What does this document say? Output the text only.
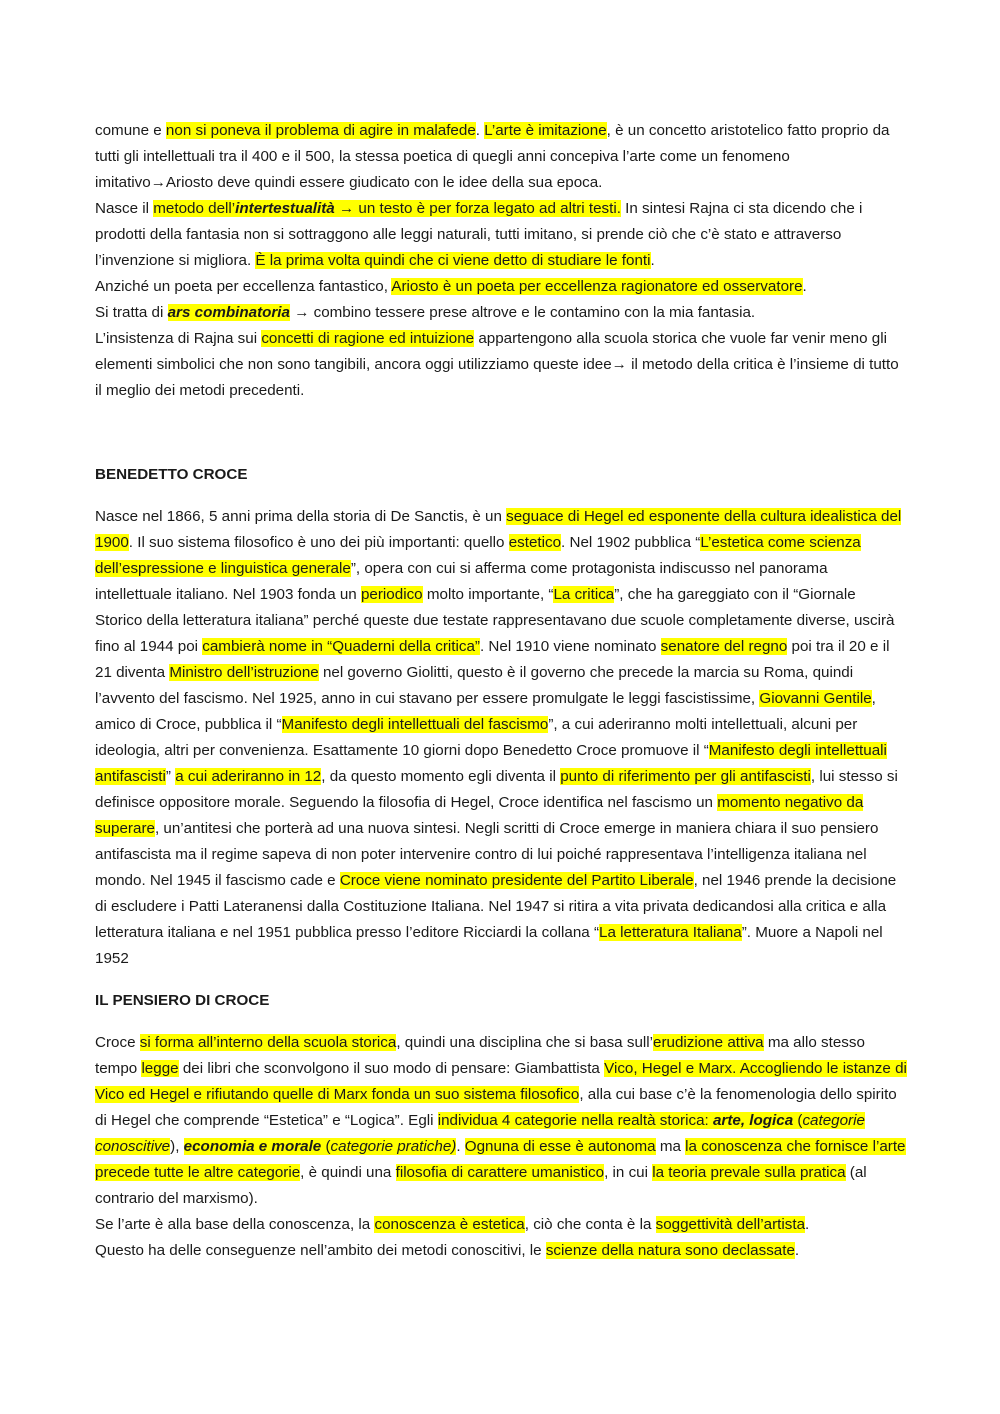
comune e non si poneva il problema di agire in malafede. L’arte è imitazione, è un concetto aristotelico fatto proprio da tutti gli intellettuali tra il 400 e il 500, la stessa poetica di quegli anni concepiva l’arte come un fenomeno imitativo→Ariosto deve quindi essere giudicato con le idee della sua epoca.
Nasce il metodo dell’intertestualità → un testo è per forza legato ad altri testi. In sintesi Rajna ci sta dicendo che i prodotti della fantasia non si sottraggono alle leggi naturali, tutti imitano, si prende ciò che c’è stato e attraverso l’invenzione si migliora. È la prima volta quindi che ci viene detto di studiare le fonti.
Anziché un poeta per eccellenza fantastico, Ariosto è un poeta per eccellenza ragionatore ed osservatore.
Si tratta di ars combinatoria → combino tessere prese altrove e le contamino con la mia fantasia.
L’insistenza di Rajna sui concetti di ragione ed intuizione appartengono alla scuola storica che vuole far venir meno gli elementi simbolici che non sono tangibili, ancora oggi utilizziamo queste idee→ il metodo della critica è l’insieme di tutto il meglio dei metodi precedenti.

BENEDETTO CROCE

Nasce nel 1866, 5 anni prima della storia di De Sanctis, è un seguace di Hegel ed esponente della cultura idealistica del 1900. Il suo sistema filosofico è uno dei più importanti: quello estetico. Nel 1902 pubblica “L’estetica come scienza dell’espressione e linguistica generale”, opera con cui si afferma come protagonista indiscusso nel panorama intellettuale italiano. Nel 1903 fonda un periodico molto importante, “La critica”, che ha gareggiato con il “Giornale Storico della letteratura italiana” perché queste due testate rappresentavano due scuole completamente diverse, uscirà fino al 1944 poi cambierà nome in “Quaderni della critica”. Nel 1910 viene nominato senatore del regno poi tra il 20 e il 21 diventa Ministro dell’istruzione nel governo Giolitti, questo è il governo che precede la marcia su Roma, quindi l’avvento del fascismo. Nel 1925, anno in cui stavano per essere promulgate le leggi fascistissime, Giovanni Gentile, amico di Croce, pubblica il “Manifesto degli intellettuali del fascismo”, a cui aderiranno molti intellettuali, alcuni per ideologia, altri per convenienza. Esattamente 10 giorni dopo Benedetto Croce promuove il “Manifesto degli intellettuali antifascisti” a cui aderiranno in 12, da questo momento egli diventa il punto di riferimento per gli antifascisti, lui stesso si definisce oppositore morale. Seguendo la filosofia di Hegel, Croce identifica nel fascismo un momento negativo da superare, un’antitesi che porterà ad una nuova sintesi. Negli scritti di Croce emerge in maniera chiara il suo pensiero antifascista ma il regime sapeva di non poter intervenire contro di lui poiché rappresentava l’intelligenza italiana nel mondo. Nel 1945 il fascismo cade e Croce viene nominato presidente del Partito Liberale, nel 1946 prende la decisione di escludere i Patti Lateranensi dalla Costituzione Italiana. Nel 1947 si ritira a vita privata dedicandosi alla critica e alla letteratura italiana e nel 1951 pubblica presso l’editore Ricciardi la collana “La letteratura Italiana”. Muore a Napoli nel 1952

IL PENSIERO DI CROCE

Croce si forma all’interno della scuola storica, quindi una disciplina che si basa sull’erudizione attiva ma allo stesso tempo legge dei libri che sconvolgono il suo modo di pensare: Giambattista Vico, Hegel e Marx. Accogliendo le istanze di Vico ed Hegel e rifiutando quelle di Marx fonda un suo sistema filosofico, alla cui base c’è la fenomenologia dello spirito di Hegel che comprende “Estetica” e “Logica”. Egli individua 4 categorie nella realtà storica: arte, logica (categorie conoscitive), economia e morale (categorie pratiche). Ognuna di esse è autonoma ma la conoscenza che fornisce l’arte precede tutte le altre categorie, è quindi una filosofia di carattere umanistico, in cui la teoria prevale sulla pratica (al contrario del marxismo).
Se l’arte è alla base della conoscenza, la conoscenza è estetica, ciò che conta è la soggettività dell’artista.
Questo ha delle conseguenze nell’ambito dei metodi conoscitivi, le scienze della natura sono declassate.
